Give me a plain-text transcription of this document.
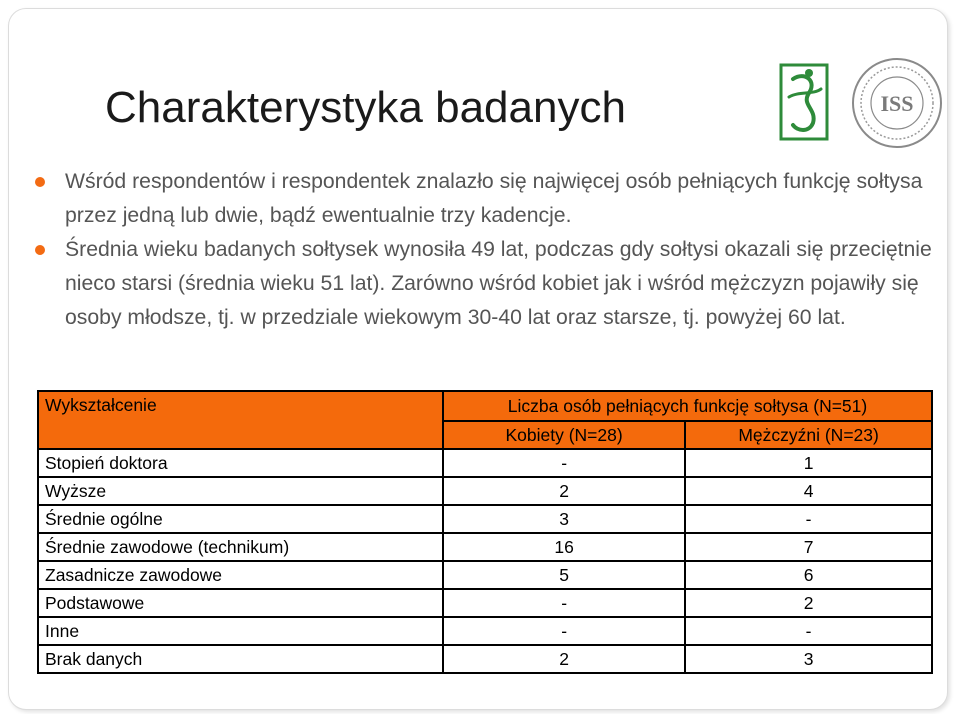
Charakterystyka badanych	ISS
Wśród respondentów i respondentek znalazło się najwięcej osób pełniących funkcję sołtysa przez jedną lub dwie, bądź ewentualnie trzy kadencje.
Średnia wieku badanych sołtysek wynosiła 49 lat, podczas gdy sołtysi okazali się przeciętnie nieco starsi (średnia wieku 51 lat). Zarówno wśród kobiet jak i wśród mężczyzn pojawiły się osoby młodsze, tj. w przedziale wiekowym 30-40 lat oraz starsze, tj. powyżej 60 lat.
Wykształcenie	Liczba osób pełniących funkcję sołtysa (N=51)	
	Kobiety (N=28)	Mężczyźni (N=23)
Stopień doktora	-	1
Wyższe	2	4
Średnie ogólne	3	-
Średnie zawodowe (technikum)	16	7
Zasadnicze zawodowe	5	6
Podstawowe	-	2
Inne	-	-
Brak danych	2	3
